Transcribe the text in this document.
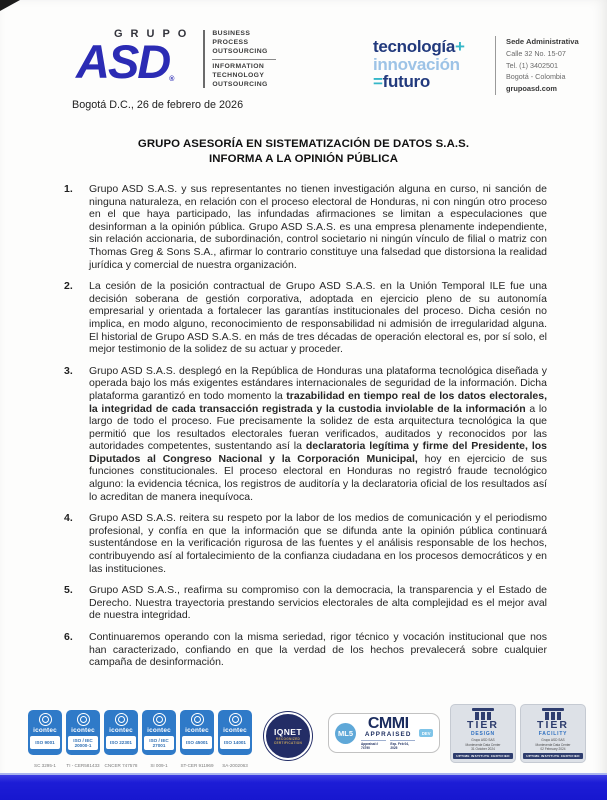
GRUPO
ASD®
BUSINESS
PROCESS
OUTSOURCING
INFORMATION
TECHNOLOGY
OUTSOURCING
tecnología+
innovación
=futuro
Sede Administrativa
Calle 32 No. 15-07
Tel. (1) 3402501
Bogotá - Colombia
grupoasd.com
Bogotá D.C., 26 de febrero de 2026
GRUPO ASESORÍA EN SISTEMATIZACIÓN DE DATOS S.A.S.
INFORMA A LA OPINIÓN PÚBLICA
1.	Grupo ASD S.A.S. y sus representantes no tienen investigación alguna en curso, ni sanción de ninguna naturaleza, en relación con el proceso electoral de Honduras, ni con ningún otro proceso en el que haya participado, las infundadas afirmaciones se limitan a especulaciones que desinforman a la opinión pública. Grupo ASD S.A.S. es una empresa plenamente independiente, sin relación accionaria, de subordinación, control societario ni ningún vínculo de filial o matriz con Thomas Greg & Sons S.A., afirmar lo contrario constituye una falsedad que distorsiona la realidad jurídica y comercial de nuestra organización.

2.	La cesión de la posición contractual de Grupo ASD S.A.S. en la Unión Temporal ILE fue una decisión soberana de gestión corporativa, adoptada en ejercicio pleno de su autonomía empresarial y orientada a fortalecer las garantías institucionales del proceso. Dicha cesión no implica, en modo alguno, reconocimiento de responsabilidad ni admisión de irregularidad alguna. El historial de Grupo ASD S.A.S. en más de tres décadas de operación electoral es, por sí solo, el mejor testimonio de la solidez de su actuar y proceder.

3.	Grupo ASD S.A.S. desplegó en la República de Honduras una plataforma tecnológica diseñada y operada bajo los más exigentes estándares internacionales de seguridad de la información. Dicha plataforma garantizó en todo momento la trazabilidad en tiempo real de los datos electorales, la integridad de cada transacción registrada y la custodia inviolable de la información a lo largo de todo el proceso. Fue precisamente la solidez de esta arquitectura tecnológica la que permitió que los resultados electorales fueran verificados, auditados y reconocidos por las autoridades competentes, sustentando así la declaratoria legítima y firme del Presidente, los Diputados al Congreso Nacional y la Corporación Municipal, hoy en ejercicio de sus funciones constitucionales. El proceso electoral en Honduras no registró fraude tecnológico alguno: la evidencia técnica, los registros de auditoría y la declaratoria oficial de los resultados así lo acreditan de manera inequívoca.

4.	Grupo ASD S.A.S. reitera su respeto por la labor de los medios de comunicación y el periodismo profesional, y confía en que la información que se difunda ante la opinión pública continuará sustentándose en la verificación rigurosa de las fuentes y el análisis responsable de los hechos, contribuyendo así al fortalecimiento de la confianza ciudadana en los procesos democráticos y en las instituciones.

5.	Grupo ASD S.A.S., reafirma su compromiso con la democracia, la transparencia y el Estado de Derecho. Nuestra trayectoria prestando servicios electorales de alta complejidad es el mejor aval de nuestra integridad.

6.	Continuaremos operando con la misma seriedad, rigor técnico y vocación institucional que nos han caracterizado, confiando en que la verdad de los hechos prevalecerá sobre cualquier campaña de desinformación.

icontec
ISO 9001
SC 3295-1
icontec
ISO / IEC 20000-1
TI - CER581433
icontec
ISO 22301
CNCER 747578
icontec
ISO / IEC 27001
SI 009-1
icontec
ISO 45001
ST-CER 911969
icontec
ISO 14001
SA-2002063
IQNET
RECOGNIZED
CERTIFICATION
ML5
CMMI
APPRAISED
Appraisal # 74790
Exp. Feb 04, 2025
DEV
TIER
DESIGN
Grupo ASD SAS
Monteverde Data Center
31 October 2024
UPTIME INSTITUTE CERTIFIED
TIER
FACILITY
Grupo ASD SAS
Monteverde Data Center
02 February 2024
UPTIME INSTITUTE CERTIFIED
